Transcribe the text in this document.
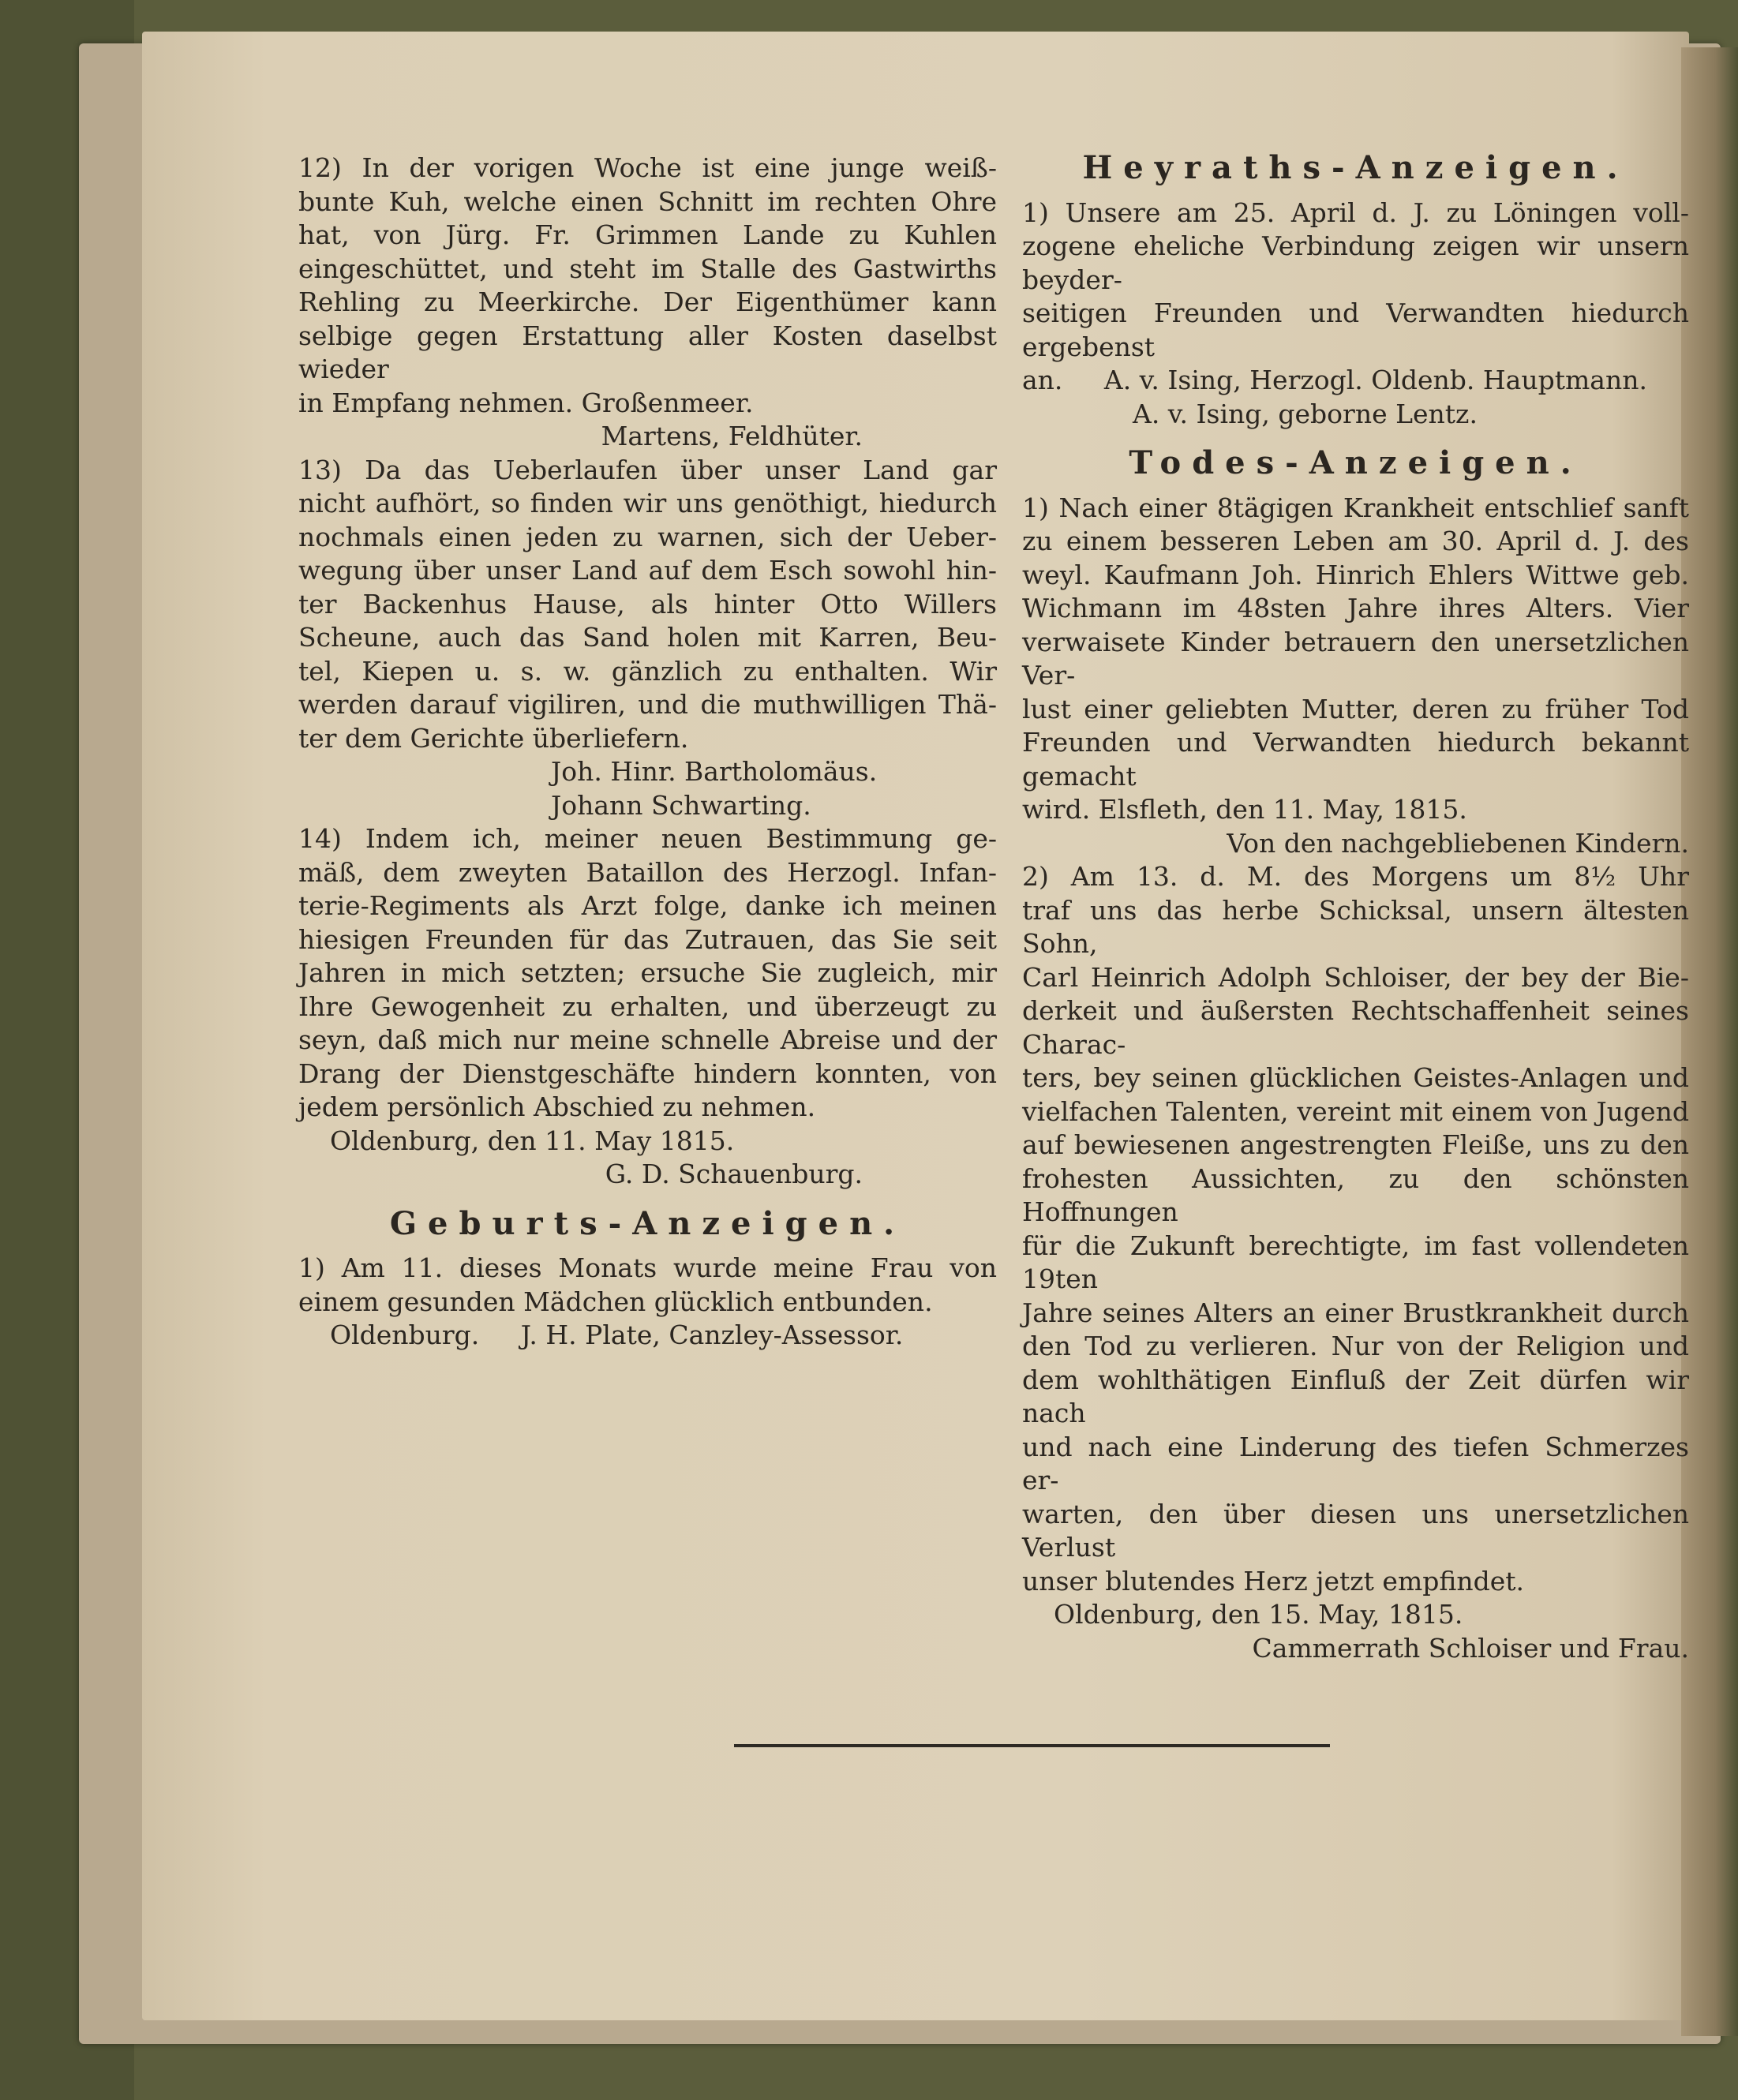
12) In der vorigen Woche ist eine junge weiß-

bunte Kuh, welche einen Schnitt im rechten Ohre

hat, von Jürg. Fr. Grimmen Lande zu Kuhlen

eingeschüttet, und steht im Stalle des Gastwirths

Rehling zu Meerkirche. Der Eigenthümer kann

selbige gegen Erstattung aller Kosten daselbst wieder

in Empfang nehmen. Großenmeer.

Martens, Feldhüter.

13) Da das Ueberlaufen über unser Land gar

nicht aufhört, so finden wir uns genöthigt, hiedurch

nochmals einen jeden zu warnen, sich der Ueber-

wegung über unser Land auf dem Esch sowohl hin-

ter Backenhus Hause, als hinter Otto Willers

Scheune, auch das Sand holen mit Karren, Beu-

tel, Kiepen u. s. w. gänzlich zu enthalten. Wir

werden darauf vigiliren, und die muthwilligen Thä-

ter dem Gerichte überliefern.

Joh. Hinr. Bartholomäus.

Johann Schwarting.

14) Indem ich, meiner neuen Bestimmung ge-

mäß, dem zweyten Bataillon des Herzogl. Infan-

terie-Regiments als Arzt folge, danke ich meinen

hiesigen Freunden für das Zutrauen, das Sie seit

Jahren in mich setzten; ersuche Sie zugleich, mir

Ihre Gewogenheit zu erhalten, und überzeugt zu

seyn, daß mich nur meine schnelle Abreise und der

Drang der Dienstgeschäfte hindern konnten, von

jedem persönlich Abschied zu nehmen.

Oldenburg, den 11. May 1815.

G. D. Schauenburg.

Geburts-Anzeigen.

1) Am 11. dieses Monats wurde meine Frau von

einem gesunden Mädchen glücklich entbunden.

Oldenburg.     J. H. Plate, Canzley-Assessor.

Heyraths-Anzeigen.

1) Unsere am 25. April d. J. zu Löningen voll-

zogene eheliche Verbindung zeigen wir unsern beyder-

seitigen Freunden und Verwandten hiedurch ergebenst

an.     A. v. Ising, Herzogl. Oldenb. Hauptmann.

A. v. Ising, geborne Lentz.

Todes-Anzeigen.

1) Nach einer 8tägigen Krankheit entschlief sanft

zu einem besseren Leben am 30. April d. J. des

weyl. Kaufmann Joh. Hinrich Ehlers Wittwe geb.

Wichmann im 48sten Jahre ihres Alters. Vier

verwaisete Kinder betrauern den unersetzlichen Ver-

lust einer geliebten Mutter, deren zu früher Tod

Freunden und Verwandten hiedurch bekannt gemacht

wird. Elsfleth, den 11. May, 1815.

Von den nachgebliebenen Kindern.

2) Am 13. d. M. des Morgens um 8½ Uhr

traf uns das herbe Schicksal, unsern ältesten Sohn,

Carl Heinrich Adolph Schloiser, der bey der Bie-

derkeit und äußersten Rechtschaffenheit seines Charac-

ters, bey seinen glücklichen Geistes-Anlagen und

vielfachen Talenten, vereint mit einem von Jugend

auf bewiesenen angestrengten Fleiße, uns zu den

frohesten Aussichten, zu den schönsten Hoffnungen

für die Zukunft berechtigte, im fast vollendeten 19ten

Jahre seines Alters an einer Brustkrankheit durch

den Tod zu verlieren. Nur von der Religion und

dem wohlthätigen Einfluß der Zeit dürfen wir nach

und nach eine Linderung des tiefen Schmerzes er-

warten, den über diesen uns unersetzlichen Verlust

unser blutendes Herz jetzt empfindet.

Oldenburg, den 15. May, 1815.

Cammerrath Schloiser und Frau.
